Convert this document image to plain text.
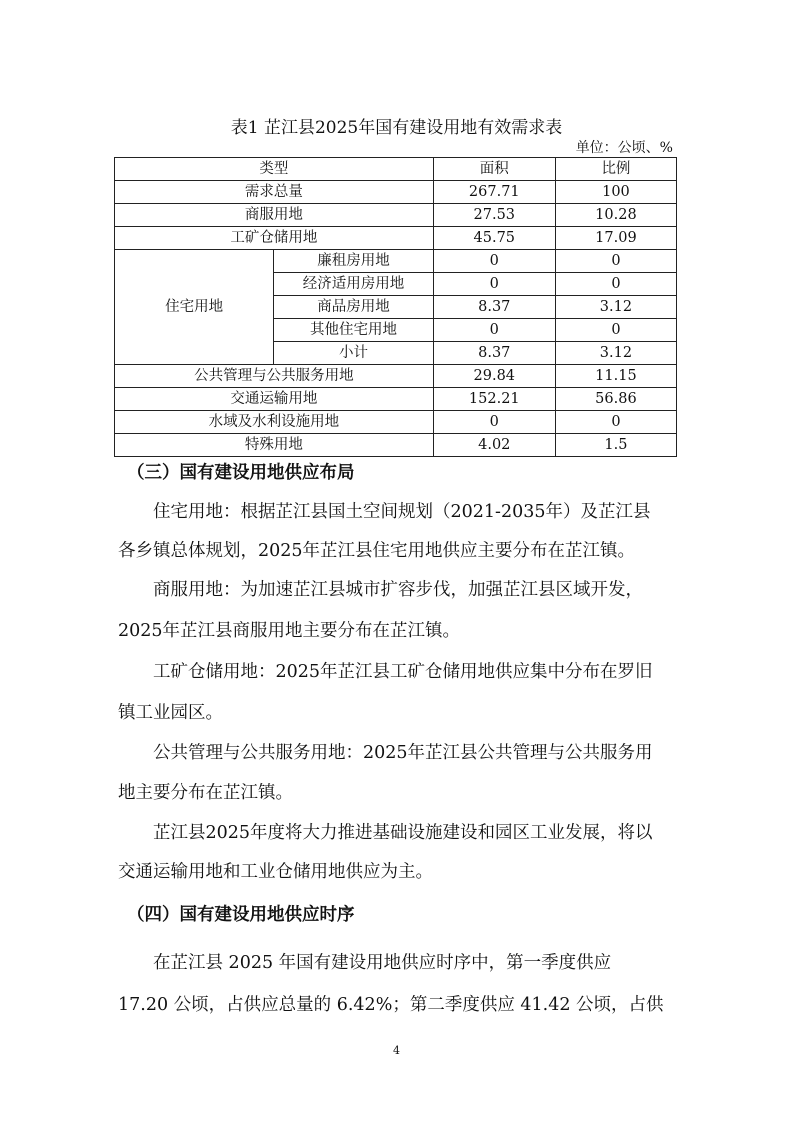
表1 芷江县2025年国有建设用地有效需求表
单位：公顷、%
类型		面积	比例
需求总量		267.71	100
商服用地		27.53	10.28
工矿仓储用地		45.75	17.09
住宅用地	廉租房用地	0	0
	经济适用房用地	0	0
	商品房用地	8.37	3.12
	其他住宅用地	0	0
	小计	8.37	3.12
公共管理与公共服务用地		29.84	11.15
交通运输用地		152.21	56.86
水域及水利设施用地		0	0
特殊用地		4.02	1.5
（三）国有建设用地供应布局
　　住宅用地：根据芷江县国土空间规划（2021-2035年）及芷江县
各乡镇总体规划，2025年芷江县住宅用地供应主要分布在芷江镇。
　　商服用地：为加速芷江县城市扩容步伐，加强芷江县区域开发，
2025年芷江县商服用地主要分布在芷江镇。
　　工矿仓储用地：2025年芷江县工矿仓储用地供应集中分布在罗旧
镇工业园区。
　　公共管理与公共服务用地：2025年芷江县公共管理与公共服务用
地主要分布在芷江镇。
　　芷江县2025年度将大力推进基础设施建设和园区工业发展，将以
交通运输用地和工业仓储用地供应为主。
（四）国有建设用地供应时序
　　在芷江县 2025 年国有建设用地供应时序中，第一季度供应
17.20 公顷，占供应总量的 6.42%；第二季度供应 41.42 公顷，占供
4
